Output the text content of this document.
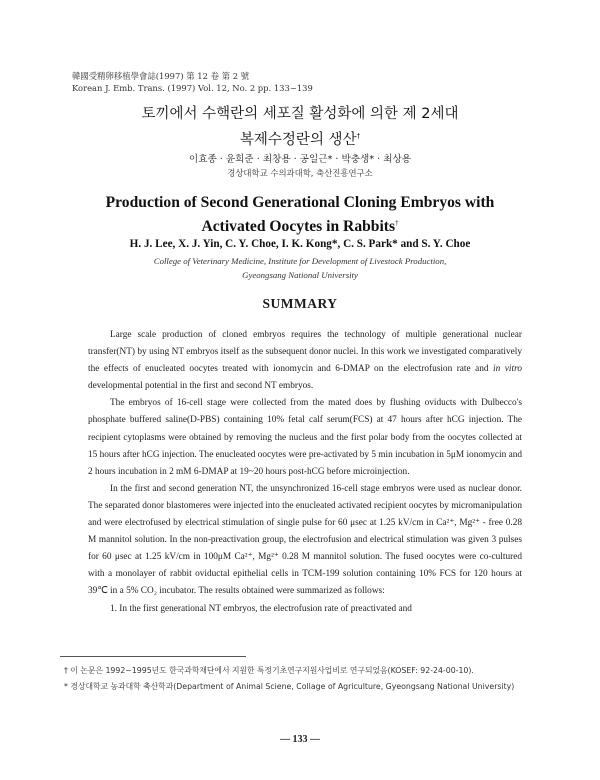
韓國受精卵移植學會誌(1997) 第 12 卷 第 2 號
Korean J. Emb. Trans. (1997) Vol. 12, No. 2 pp. 133~139
토끼에서 수핵란의 세포질 활성화에 의한 제 2세대
복제수정란의 생산†
이효종 · 윤희준 · 최창용 · 공일근* · 박충생* · 최상용
경상대학교 수의과대학, 축산진흥연구소
Production of Second Generational Cloning Embryos with
Activated Oocytes in Rabbits†
H. J. Lee, X. J. Yin, C. Y. Choe, I. K. Kong*, C. S. Park* and S. Y. Choe
College of Veterinary Medicine, Institute for Development of Livestock Production,
Gyeongsang National University
SUMMARY

Large scale production of cloned embryos requires the technology of multiple generational nuclear transfer(NT) by using NT embryos itself as the subsequent donor nuclei. In this work we investigated comparatively the effects of enucleated oocytes treated with ionomycin and 6-DMAP on the electrofusion rate and in vitro developmental potential in the first and second NT embryos.

The embryos of 16-cell stage were collected from the mated does by flushing oviducts with Dulbecco's phosphate buffered saline(D-PBS) containing 10% fetal calf serum(FCS) at 47 hours after hCG injection. The recipient cytoplasms were obtained by removing the nucleus and the first polar body from the oocytes collected at 15 hours after hCG injection. The enucleated oocytes were pre-activated by 5 min incubation in 5μM ionomycin and 2 hours incubation in 2 mM 6-DMAP at 19~20 hours post-hCG before microinjection.

In the first and second generation NT, the unsynchronized 16-cell stage embryos were used as nuclear donor. The separated donor blastomeres were injected into the enucleated activated recipient oocytes by micromanipulation and were electrofused by electrical stimulation of single pulse for 60 μsec at 1.25 kV/cm in Ca²⁺, Mg²⁺ - free 0.28 M mannitol solution. In the non-preactivation group, the electrofusion and electrical stimulation was given 3 pulses for 60 μsec at 1.25 kV/cm in 100μM Ca²⁺, Mg²⁺ 0.28 M mannitol solution. The fused oocytes were co-cultured with a monolayer of rabbit oviductal epithelial cells in TCM-199 solution containing 10% FCS for 120 hours at 39℃ in a 5% CO₂ incubator. The results obtained were summarized as follows:

1. In the first generational NT embryos, the electrofusion rate of preactivated and

† 이 논문은 1992~1995년도 한국과학재단에서 지원한 특정기초연구지원사업비로 연구되었음(KOSEF: 92-24-00-10).
* 경상대학교 농과대학 축산학과(Department of Animal Sciene, Collage of Agriculture, Gyeongsang National University)
— 133 —
